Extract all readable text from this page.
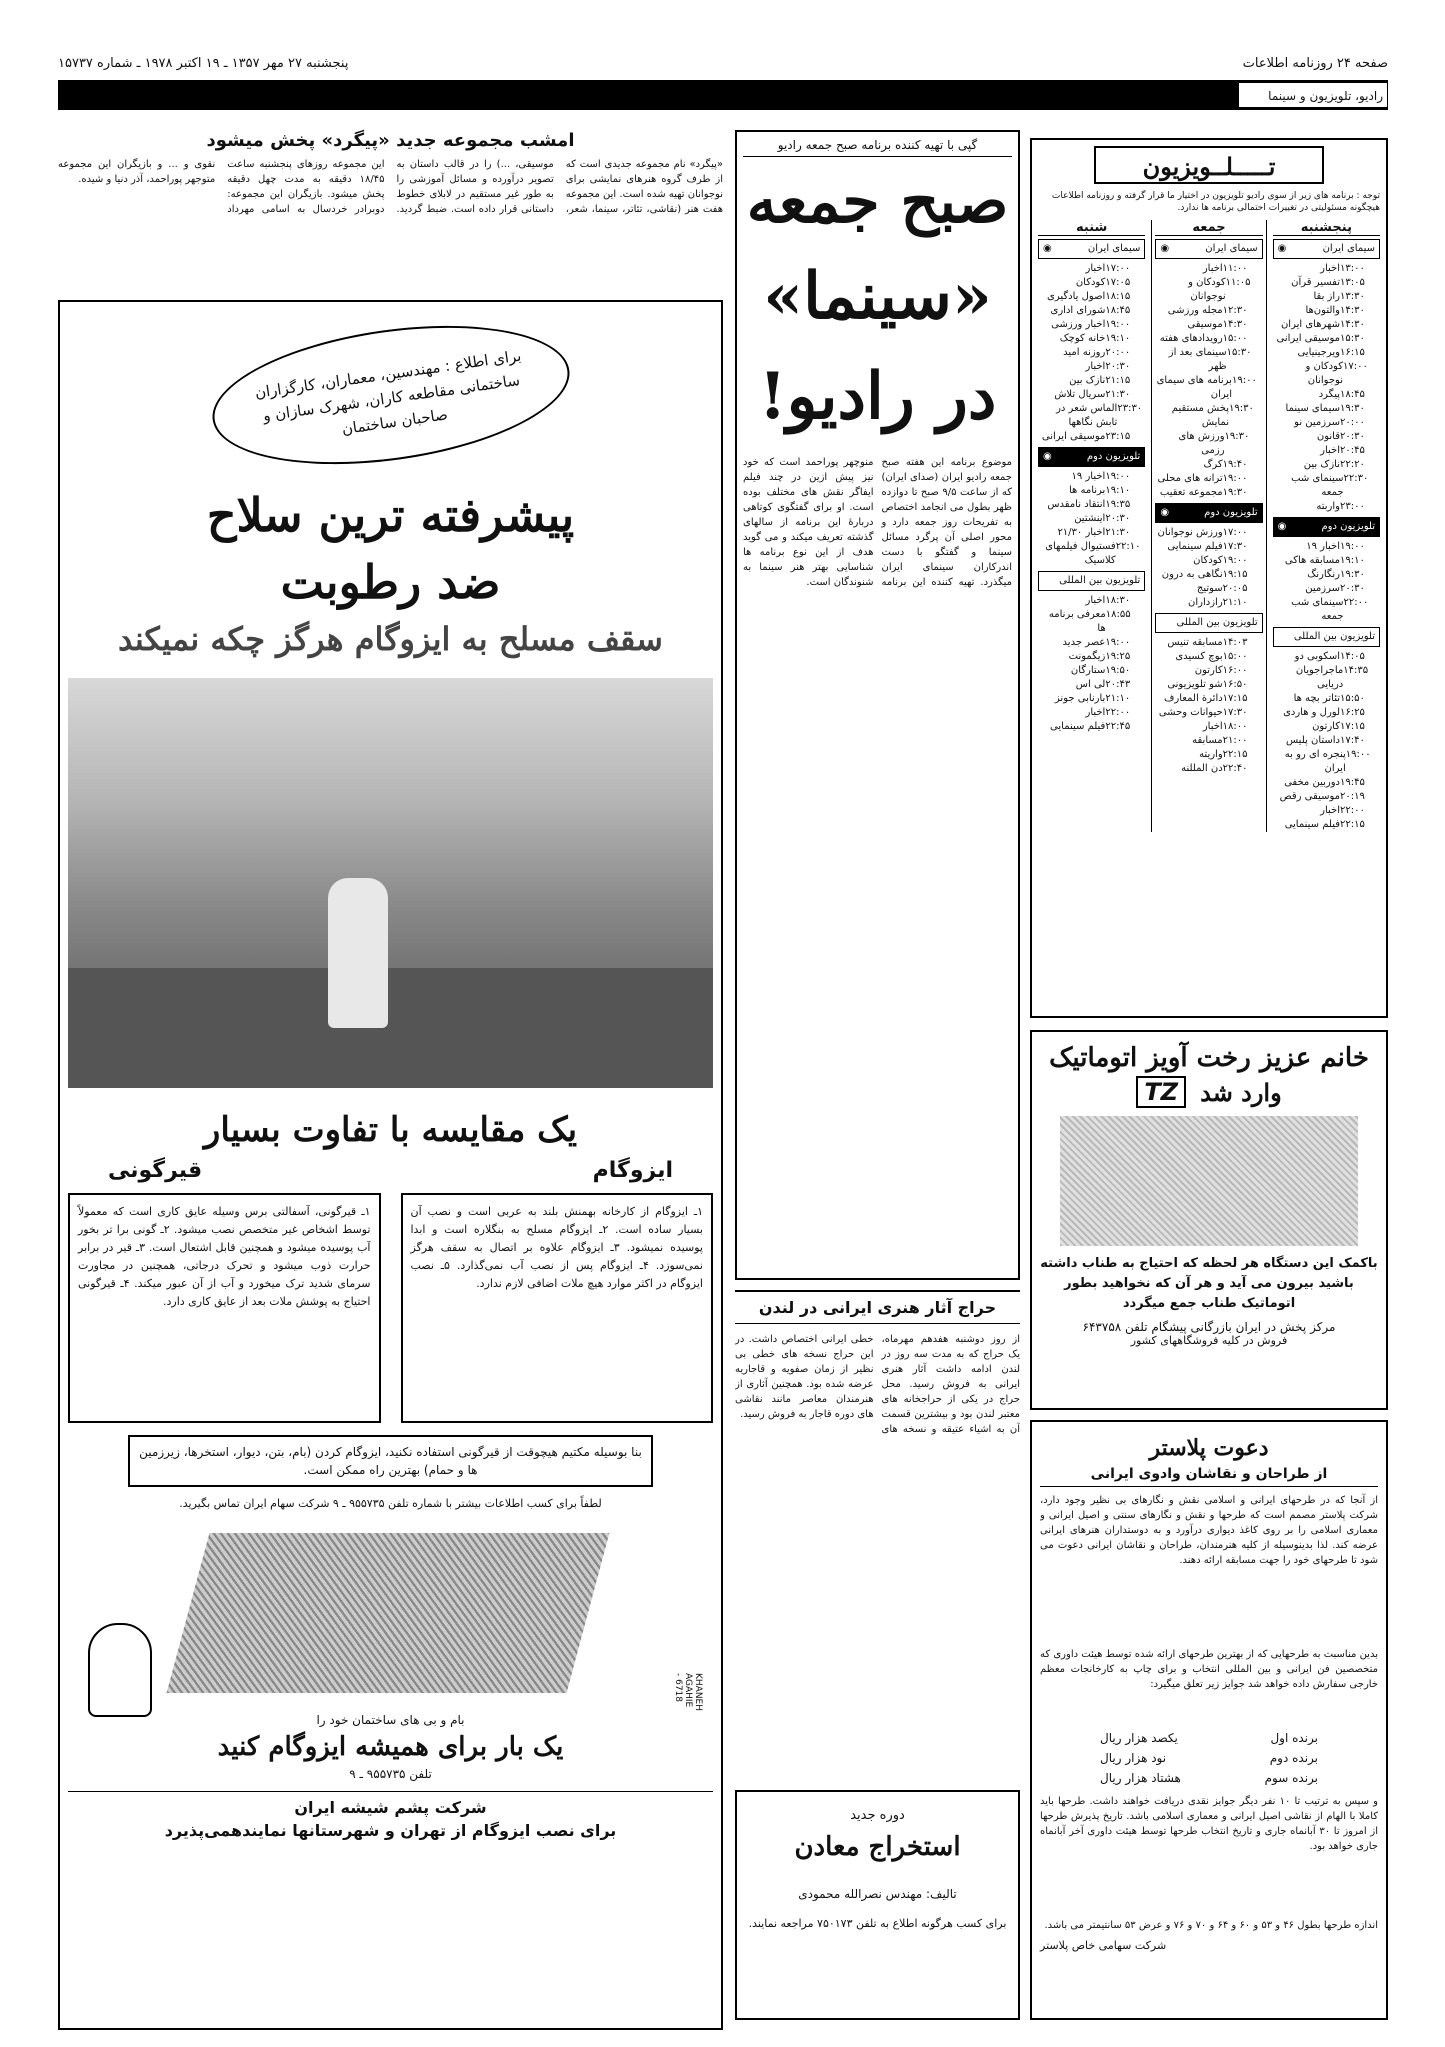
صفحه ۲۴ روزنامه اطلاعات
پنجشنبه ۲۷ مهر ۱۳۵۷ ـ ۱۹ اکتبر ۱۹۷۸ ـ شماره ۱۵۷۳۷
رادیو، تلویزیون و سینما
تـــــلــویزیون
توجه : برنامه های زیر از سوی رادیو تلویزیون در اختیار ما قرار گرفته و روزنامه اطلاعات هیچگونه مسئولیتی در تغییرات احتمالی برنامه ها ندارد.
پنجشنبه
سیمای ایران
◉
۱۳:۰۰
اخبار
۱۳:۰۵
تفسیر قرآن
۱۳:۳۰
راز بقا
۱۴:۳۰
والتون‌ها
۱۴:۳۰
شهرهای ایران
۱۵:۳۰
موسیقی ایرانی
۱۶:۱۵
ویرجینیایی
۱۷:۰۰
کودکان و نوجوانان
۱۸:۴۵
پیگرد
۱۹:۳۰
سیمای سینما
۲۰:۰۰
سرزمین نو
۲۰:۳۰
قانون
۲۰:۴۵
اخبار
۲۲:۲۰
نازک بین
۲۲:۳۰
سینمای شب جمعه
۲۳:۰۰
واربته
تلویزیون دوم
◉
۱۹:۰۰
اخبار ۱۹
۱۹:۱۰
مسابقه هاکی
۱۹:۳۰
رنگارنگ
۲۰:۳۰
سرزمین
۲۲:۰۰
سینمای شب جمعه
تلویزیون بین المللی
۱۴:۰۵
اسکوبی دو
۱۴:۳۵
ماجراجویان دریایی
۱۵:۵۰
تئاتر بچه ها
۱۶:۲۵
لورل و هاردی
۱۷:۱۵
کارتون
۱۷:۴۰
داستان پلیس
۱۹:۰۰
پنجره ای رو به ایران
۱۹:۴۵
دوربین مخفی
۲۰:۱۹
موسیقی رقص
۲۲:۰۰
اخبار
۲۲:۱۵
فیلم سینمایی
جمعه
سیمای ایران
◉
۱۱:۰۰
اخبار
۱۱:۰۵
کودکان و نوجوانان
۱۲:۳۰
مجله ورزشی
۱۴:۳۰
موسیقی
۱۵:۰۰
رویدادهای هفته
۱۵:۳۰
سینمای بعد از ظهر
۱۹:۰۰
برنامه های سیمای ایران
۱۹:۳۰
پخش مستقیم نمایش
۱۹:۳۰
ورزش های رزمی
۱۹:۴۰
کرگ
۱۹:۰۰
ترانه های محلی
۱۹:۳۰
مجموعه تعقیب
تلویزیون دوم
◉
۱۷:۰۰
ورزش نوجوانان
۱۷:۳۰
فیلم سینمایی
۱۹:۰۰
کودکان
۱۹:۱۵
نگاهی به درون
۲۰:۰۵
سوتیج
۲۱:۱۰
رازداران
تلویزیون بین المللی
۱۴:۰۳
مسابقه تنیس
۱۵:۰۰
بوچ کسیدی
۱۶:۰۰
کارتون
۱۶:۵۰
شو تلویزیونی
۱۷:۱۵
دائرة المعارف
۱۷:۳۰
حیوانات وحشی
۱۸:۰۰
اخبار
۲۱:۰۰
مسابقه
۲۲:۱۵
واریته
۲۲:۴۰
دن المللنه
شنبه
سیمای ایران
◉
۱۷:۰۰
اخبار
۱۷:۰۵
کودکان
۱۸:۱۵
اصول یادگیری
۱۸:۴۵
شورای اداری
۱۹:۰۰
اخبار ورزشی
۱۹:۱۰
خانه کوچک
۲۰:۰۰
روزنه امید
۲۰:۳۰
اخبار
۲۱:۱۵
نازک بین
۲۱:۳۰
سریال تلاش
۲۳:۳۰
الماس شعر در تابش نگاهها
۲۳:۱۵
موسیقی ایرانی
تلویزیون دوم
◉
۱۹:۰۰
اخبار ۱۹
۱۹:۱۰
برنامه ها
۱۹:۳۵
انتقاد نامقدس
۲۰:۳۰
اینشتین
۲۱:۳۰
اخبار ۲۱/۳۰
۲۲:۱۰
فستیوال فیلمهای کلاسیک
تلویزیون بین المللی
۱۸:۳۰
اخبار
۱۸:۵۵
معرفی برنامه ها
۱۹:۰۰
عصر جدید
۱۹:۲۵
زیگمونت
۱۹:۵۰
ستارگان
۲۰:۴۳
لی اس
۲۱:۱۰
بارنابی جونز
۲۲:۰۰
اخبار
۲۲:۴۵
فیلم سینمایی
گپی با تهیه کننده برنامه صبح جمعه رادیو
صبح جمعه
«سینما»
در رادیو!
موضوع برنامه این هفته صبح جمعه رادیو ایران (صدای ایران) که از ساعت ۹/۵ صبح تا دوازده ظهر بطول می انجامد اختصاص به تفریحات روز جمعه دارد و محور اصلی آن پرگرد مسائل سینما و گفتگو با دست اندرکاران سینمای ایران میگذرد. تهیه کننده این برنامه منوچهر پوراحمد است که خود نیز پیش ازین در چند فیلم ایفاگر نقش های مختلف بوده است. او برای گفتگوی کوتاهی دربارهٔ این برنامه از سالهای گذشته تعریف میکند و می گوید هدف از این نوع برنامه ها شناسایی بهتر هنر سینما به شنوندگان است.
امشب مجموعه جدید «پیگرد» پخش میشود
«پیگرد» نام مجموعه جدیدی است که از طرف گروه هنرهای نمایشی برای نوجوانان تهیه شده است. این مجموعه هفت هنر (نقاشی، تئاتر، سینما، شعر، موسیقی، ...) را در قالب داستان به تصویر درآورده و مسائل آموزشی را به طور غیر مستقیم در لابلای خطوط داستانی قرار داده است. ضبط گردید. این مجموعه روزهای پنجشنبه ساعت ۱۸/۴۵ دقیقه به مدت چهل دقیقه پخش میشود. بازیگران این مجموعه: دوبرادر خردسال به اسامی مهرداد نقوی و ... و بازیگران این مجموعه متوجهر پوراحمد، آذر دنیا و شیده.
برای اطلاع : مهندسین، معماران، کارگزاران ساختمانی مقاطعه کاران، شهرک سازان و صاحبان ساختمان
پیشرفته ترین سلاح
ضد رطوبت
سقف مسلح به ایزوگام هرگز چکه نمیکند
یک مقایسه با تفاوت بسیار
ایزوگام
قیرگونی
۱ـ ایزوگام از کارخانه بهمنش بلند به عربی است و نصب آن بسیار ساده است. ۲ـ ایزوگام مسلح به بنگلاره است و ابدا پوسیده نمیشود. ۳ـ ایزوگام علاوه بر اتصال به سقف هرگز نمی‌سوزد. ۴ـ ایزوگام پس از نصب آب نمی‌گذارد. ۵ـ نصب ایزوگام در اکثر موارد هیچ ملات اضافی لازم ندارد.
۱ـ قیرگونی، آسفالتی برس وسیله عایق کاری است که معمولاً توسط اشخاص غیر متخصص نصب میشود. ۲ـ گونی برا تر بخور آب پوسیده میشود و همچنین قابل اشتعال است. ۳ـ قیر در برابر حرارت ذوب میشود و تحرک درجاتی، همچنین در مجاورت سرمای شدید ترک میخورد و آب از آن عبور میکند. ۴ـ قیرگونی احتیاج به پوشش ملات بعد از عایق کاری دارد.
بنا بوسیله مکتیم هیچوقت از قیرگونی استفاده نکنید، ایزوگام کردن (بام، بتن، دیوار، استخرها، زیرزمین ها و حمام) بهترین راه ممکن است.
لطفاً برای کسب اطلاعات بیشتر با شماره تلفن ۹۵۵۷۳۵ ـ ۹ شرکت سهام ایران تماس بگیرید.
KHANEH AGAHIE - 6718
بام و بی های ساختمان خود را
یک بار برای همیشه ایزوگام کنید
تلفن ۹۵۵۷۳۵ ـ ۹
شرکت پشم شیشه ایران
برای نصب ایزوگام از تهران و شهرستانها نمایندهمی‌پذیرد
خانم عزیز رخت آویز اتوماتیک
وارد شد
TZ
باکمک این دستگاه هر لحظه که احتیاج به طناب داشته
باشید بیرون می آید و هر آن که نخواهید بطور
اتوماتیک طناب جمع میگردد
مرکز پخش در ایران بازرگانی پیشگام تلفن ۶۴۳۷۵۸
فروش در کلیه فروشگاههای کشور
حراج آثار هنری ایرانی در لندن
از روز دوشنبه هفدهم مهرماه، یک حراج که به مدت سه روز در لندن ادامه داشت آثار هنری ایرانی به فروش رسید. محل حراج در یکی از حراجخانه های معتبر لندن بود و بیشترین قسمت آن به اشیاء عتیقه و نسخه های خطی ایرانی اختصاص داشت. در این حراج نسخه های خطی بی نظیر از زمان صفویه و قاجاریه عرضه شده بود. همچنین آثاری از هنرمندان معاصر مانند نقاشی های دوره قاجار به فروش رسید.
دوره جدید
استخراج معادن
تالیف: مهندس نصرالله محمودی
برای کسب هرگونه اطلاع به تلفن ۷۵۰۱۷۳ مراجعه نمایند.
دعوت پلاستر
از طراحان و نقاشان وادوی ایرانی
از آنجا که در طرحهای ایرانی و اسلامی نقش و نگارهای بی نظیر وجود دارد، شرکت پلاستر مصمم است که طرحها و نقش و نگارهای سنتی و اصیل ایرانی و معماری اسلامی را بر روی کاغذ دیواری درآورد و به دوستداران هنرهای ایرانی عرضه کند. لذا بدینوسیله از کلیه هنرمندان، طراحان و نقاشان ایرانی دعوت می شود تا طرحهای خود را جهت مسابقه ارائه دهند.
بدین مناسبت به طرحهایی که از بهترین طرحهای ارائه شده توسط هیئت داوری که متخصصین فن ایرانی و بین المللی انتخاب و برای چاپ به کارخانجات معظم خارجی سفارش داده خواهد شد جوایز زیر تعلق میگیرد:
برنده اول
یکصد هزار ریال
برنده دوم
نود هزار ریال
برنده سوم
هشتاد هزار ریال
و سپس به ترتیب تا ۱۰ نفر دیگر جوایز نقدی دریافت خواهند داشت. طرحها باید کاملا با الهام از نقاشی اصیل ایرانی و معماری اسلامی باشد. تاریخ پذیرش طرحها از امروز تا ۳۰ آبانماه جاری و تاریخ انتخاب طرحها توسط هیئت داوری آخر آبانماه جاری خواهد بود.
اندازه طرحها بطول ۴۶ و ۵۳ و ۶۰ و ۶۴ و ۷۰ و ۷۶ و عرض ۵۳ سانتیمتر می باشد.
شرکت سهامی خاص پلاستر
